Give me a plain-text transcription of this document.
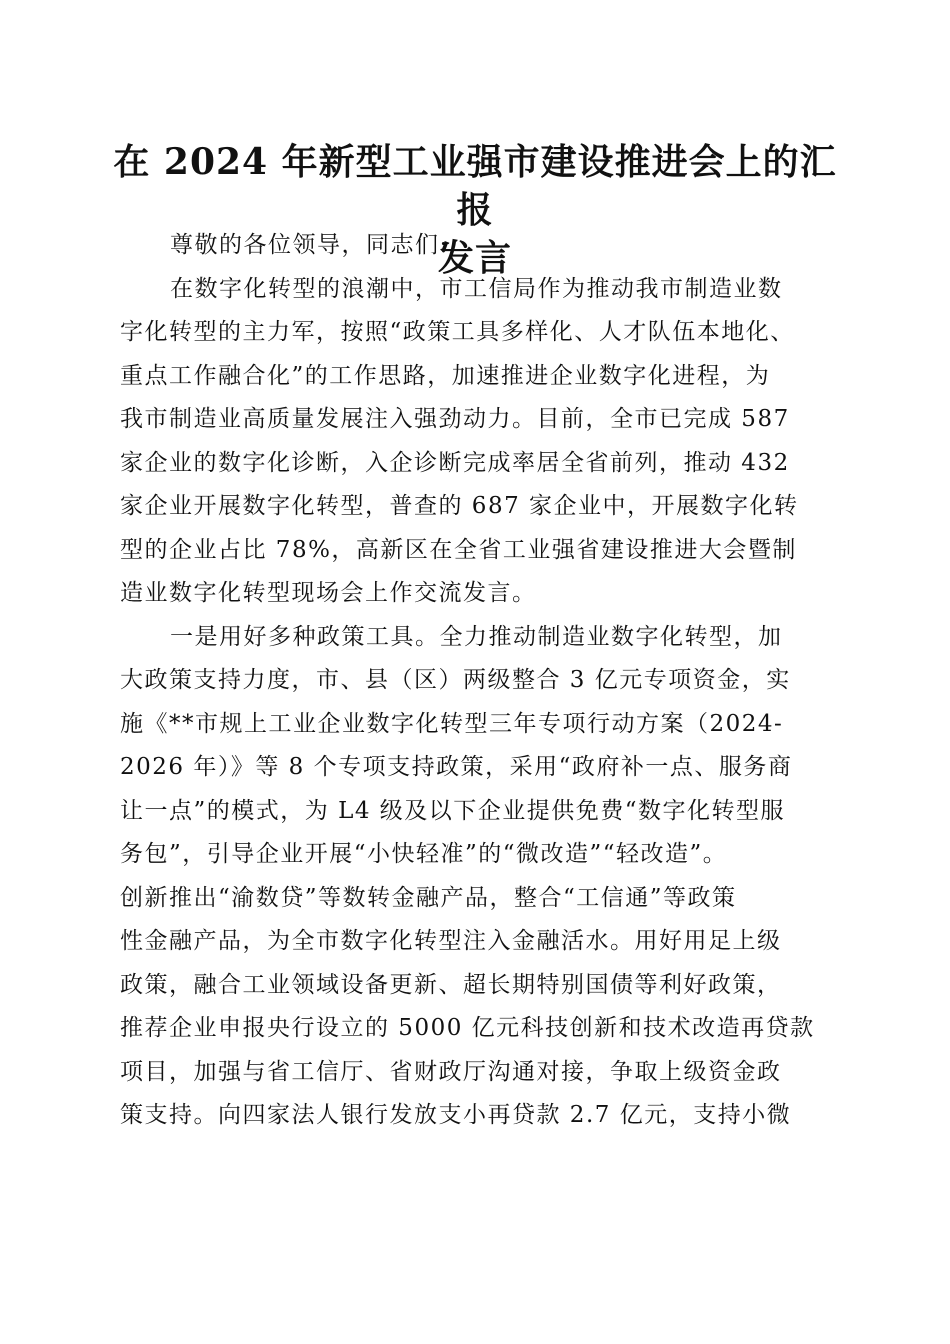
在 2024 年新型工业强市建设推进会上的汇报
发言
尊敬的各位领导，同志们:
在数字化转型的浪潮中，市工信局作为推动我市制造业数
字化转型的主力军，按照“政策工具多样化、人才队伍本地化、
重点工作融合化”的工作思路，加速推进企业数字化进程，为
我市制造业高质量发展注入强劲动力。目前，全市已完成 587
家企业的数字化诊断，入企诊断完成率居全省前列，推动 432
家企业开展数字化转型，普查的 687 家企业中，开展数字化转
型的企业占比 78%，高新区在全省工业强省建设推进大会暨制
造业数字化转型现场会上作交流发言。
一是用好多种政策工具。全力推动制造业数字化转型，加
大政策支持力度，市、县（区）两级整合 3 亿元专项资金，实
施《**市规上工业企业数字化转型三年专项行动方案（2024-
2026 年）》等 8 个专项支持政策，采用“政府补一点、服务商
让一点”的模式，为 L4 级及以下企业提供免费“数字化转型服
务包”，引导企业开展“小快轻准”的“微改造”“轻改造”。
创新推出“渝数贷”等数转金融产品，整合“工信通”等政策
性金融产品，为全市数字化转型注入金融活水。用好用足上级
政策，融合工业领域设备更新、超长期特别国债等利好政策，
推荐企业申报央行设立的 5000 亿元科技创新和技术改造再贷款
项目，加强与省工信厅、省财政厅沟通对接，争取上级资金政
策支持。向四家法人银行发放支小再贷款 2.7 亿元，支持小微
